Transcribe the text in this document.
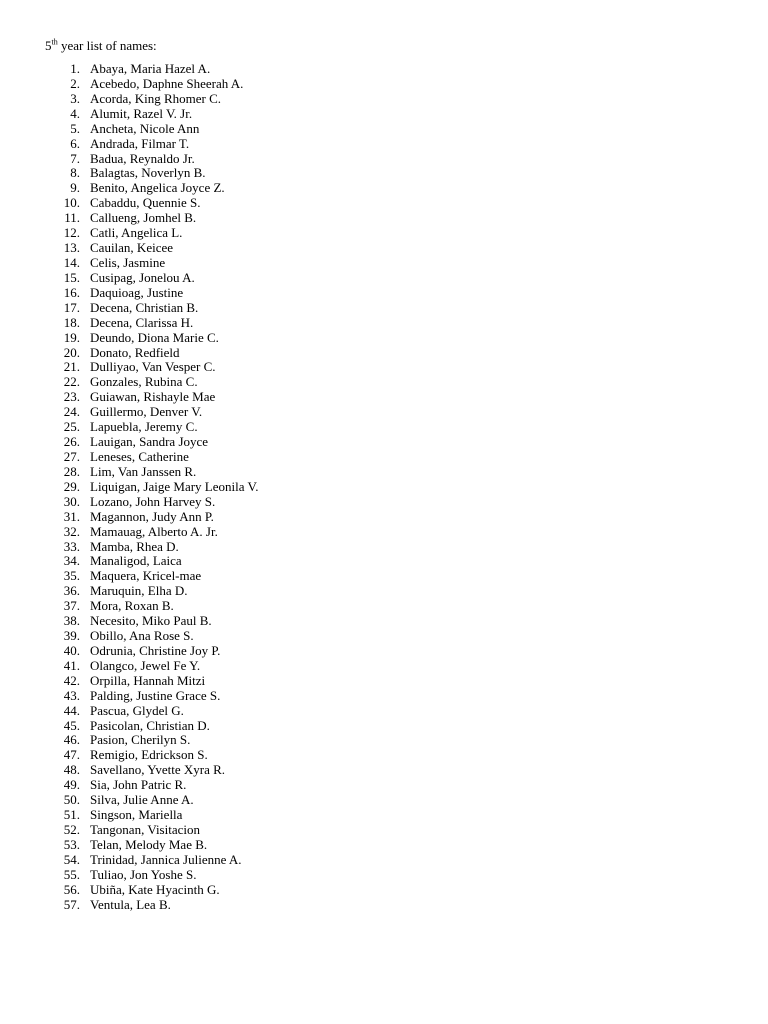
5th year list of names:
1. Abaya, Maria Hazel A.
2. Acebedo, Daphne Sheerah A.
3. Acorda, King Rhomer C.
4. Alumit, Razel V. Jr.
5. Ancheta, Nicole Ann
6. Andrada, Filmar T.
7. Badua, Reynaldo Jr.
8. Balagtas, Noverlyn B.
9. Benito, Angelica Joyce Z.
10. Cabaddu, Quennie S.
11. Callueng, Jomhel B.
12. Catli, Angelica L.
13. Cauilan, Keicee
14. Celis, Jasmine
15. Cusipag, Jonelou A.
16. Daquioag, Justine
17. Decena, Christian B.
18. Decena, Clarissa H.
19. Deundo, Diona Marie C.
20. Donato, Redfield
21. Dulliyao, Van Vesper C.
22. Gonzales, Rubina C.
23. Guiawan, Rishayle Mae
24. Guillermo, Denver V.
25. Lapuebla, Jeremy C.
26. Lauigan, Sandra Joyce
27. Leneses, Catherine
28. Lim, Van Janssen R.
29. Liquigan, Jaige Mary Leonila V.
30. Lozano, John Harvey S.
31. Magannon, Judy Ann P.
32. Mamauag, Alberto A. Jr.
33. Mamba, Rhea D.
34. Manaligod, Laica
35. Maquera, Kricel-mae
36. Maruquin, Elha D.
37. Mora, Roxan B.
38. Necesito, Miko Paul B.
39. Obillo, Ana Rose S.
40. Odrunia, Christine Joy P.
41. Olangco, Jewel Fe Y.
42. Orpilla, Hannah Mitzi
43. Palding, Justine Grace S.
44. Pascua, Glydel G.
45. Pasicolan, Christian D.
46. Pasion, Cherilyn S.
47. Remigio, Edrickson S.
48. Savellano, Yvette Xyra R.
49. Sia, John Patric R.
50. Silva, Julie Anne A.
51. Singson, Mariella
52. Tangonan, Visitacion
53. Telan, Melody Mae B.
54. Trinidad, Jannica Julienne A.
55. Tuliao, Jon Yoshe S.
56. Ubiña, Kate Hyacinth G.
57. Ventula, Lea B.
